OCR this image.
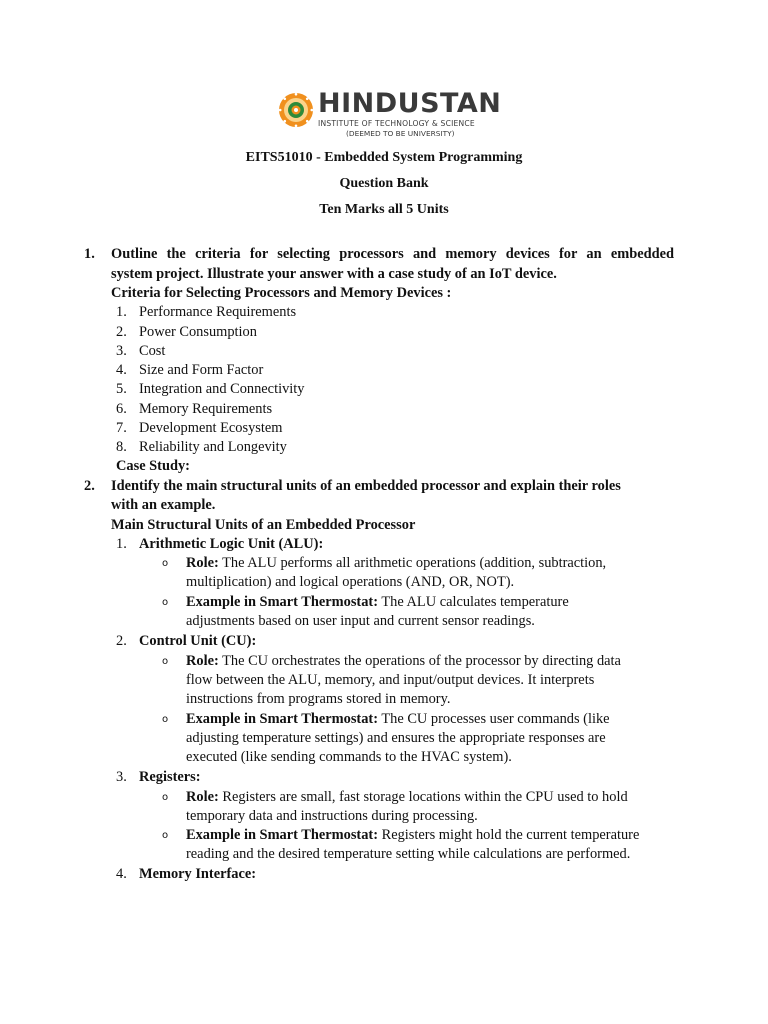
HINDUSTAN
INSTITUTE OF TECHNOLOGY & SCIENCE
(DEEMED TO BE UNIVERSITY)
EITS51010 - Embedded System Programming
Question Bank
Ten Marks all 5 Units
1. Outline the criteria for selecting processors and memory devices for an embedded
system project. Illustrate your answer with a case study of an IoT device.
Criteria for Selecting Processors and Memory Devices :
1. Performance Requirements
2. Power Consumption
3. Cost
4. Size and Form Factor
5. Integration and Connectivity
6. Memory Requirements
7. Development Ecosystem
8. Reliability and Longevity
Case Study:
2. Identify the main structural units of an embedded processor and explain their roles
with an example.
Main Structural Units of an Embedded Processor
1. Arithmetic Logic Unit (ALU):
o Role: The ALU performs all arithmetic operations (addition, subtraction,
multiplication) and logical operations (AND, OR, NOT).
o Example in Smart Thermostat: The ALU calculates temperature
adjustments based on user input and current sensor readings.
2. Control Unit (CU):
o Role: The CU orchestrates the operations of the processor by directing data
flow between the ALU, memory, and input/output devices. It interprets
instructions from programs stored in memory.
o Example in Smart Thermostat: The CU processes user commands (like
adjusting temperature settings) and ensures the appropriate responses are
executed (like sending commands to the HVAC system).
3. Registers:
o Role: Registers are small, fast storage locations within the CPU used to hold
temporary data and instructions during processing.
o Example in Smart Thermostat: Registers might hold the current temperature
reading and the desired temperature setting while calculations are performed.
4. Memory Interface:
